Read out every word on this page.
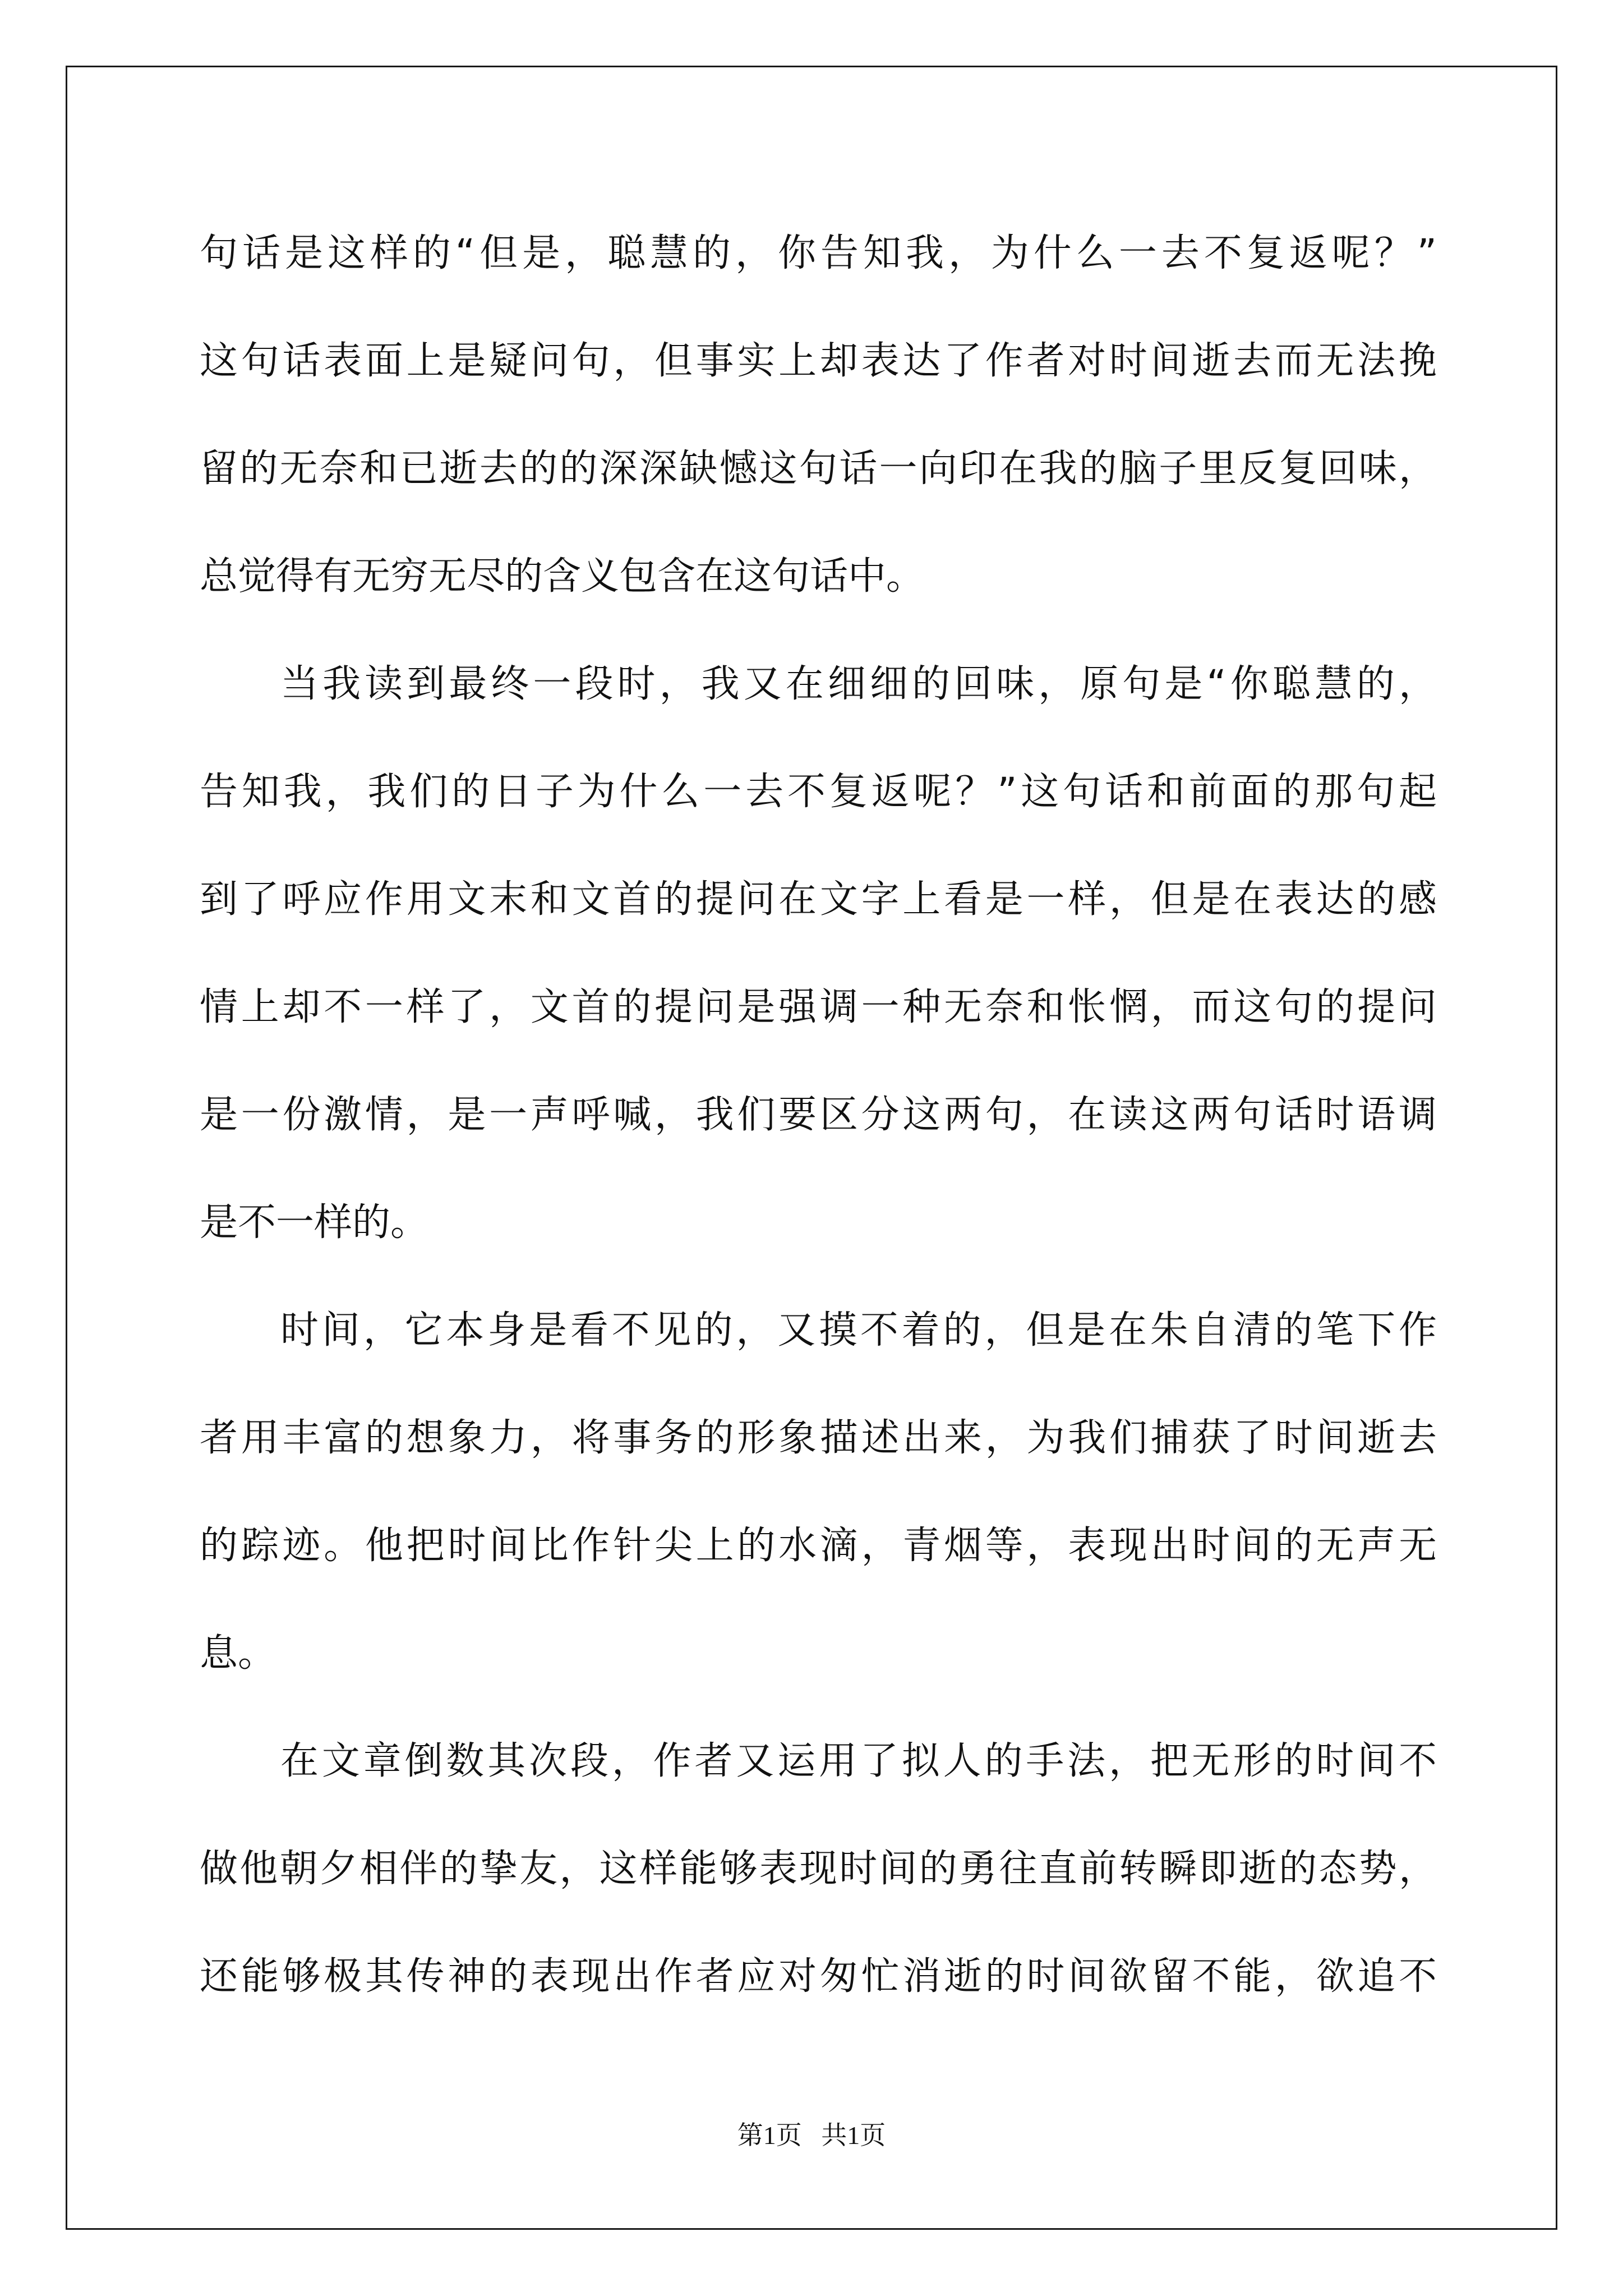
句话是这样的“但是，聪慧的，你告知我，为什么一去不复返呢？”
这句话表面上是疑问句，但事实上却表达了作者对时间逝去而无法挽
留的无奈和已逝去的的深深缺憾这句话一向印在我的脑子里反复回味，
总觉得有无穷无尽的含义包含在这句话中。
当我读到最终一段时，我又在细细的回味，原句是“你聪慧的，
告知我，我们的日子为什么一去不复返呢？”这句话和前面的那句起
到了呼应作用文末和文首的提问在文字上看是一样，但是在表达的感
情上却不一样了，文首的提问是强调一种无奈和怅惘，而这句的提问
是一份激情，是一声呼喊，我们要区分这两句，在读这两句话时语调
是不一样的。
时间，它本身是看不见的，又摸不着的，但是在朱自清的笔下作
者用丰富的想象力，将事务的形象描述出来，为我们捕获了时间逝去
的踪迹。他把时间比作针尖上的水滴，青烟等，表现出时间的无声无
息。
在文章倒数其次段，作者又运用了拟人的手法，把无形的时间不
做他朝夕相伴的挚友，这样能够表现时间的勇往直前转瞬即逝的态势，
还能够极其传神的表现出作者应对匆忙消逝的时间欲留不能，欲追不
第1页   共1页
